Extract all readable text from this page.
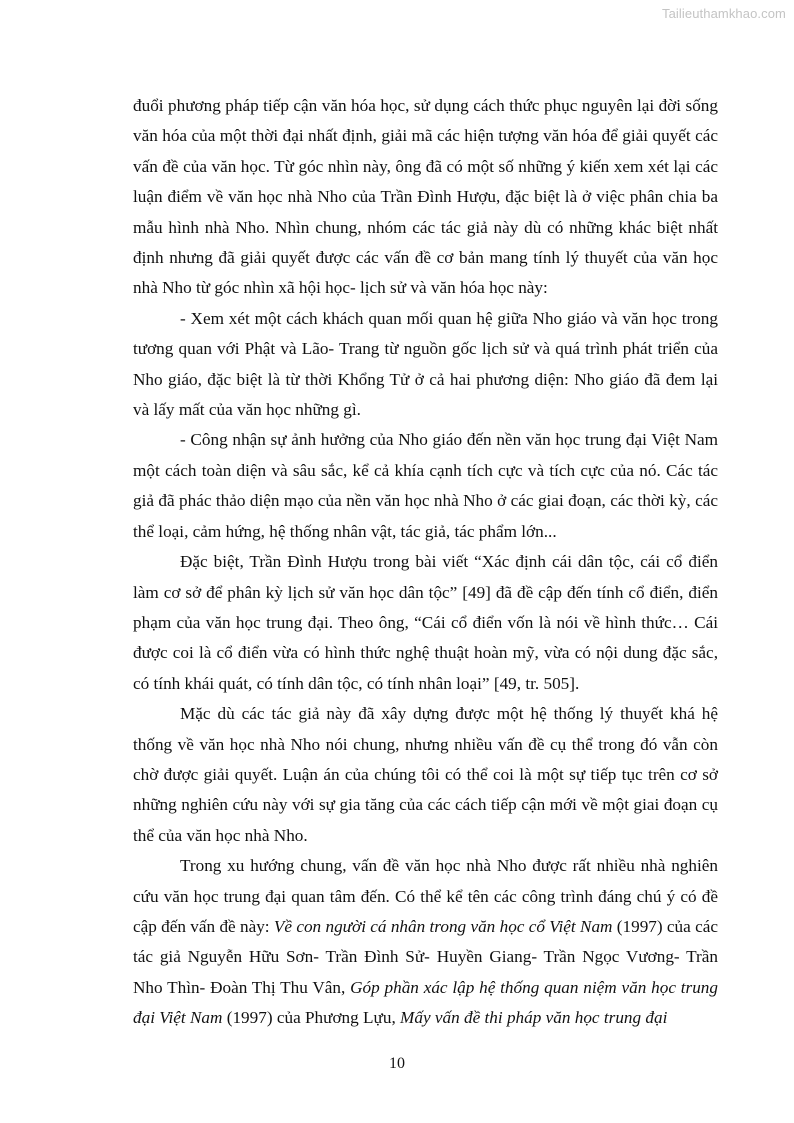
Tailieuthamkhao.com

đuổi phương pháp tiếp cận văn hóa học, sử dụng cách thức phục nguyên lại đời sống văn hóa của một thời đại nhất định, giải mã các hiện tượng văn hóa để giải quyết các vấn đề của văn học. Từ góc nhìn này, ông đã có một số những ý kiến xem xét lại các luận điểm về văn học nhà Nho của Trần Đình Hượu, đặc biệt là ở việc phân chia ba mẫu hình nhà Nho. Nhìn chung, nhóm các tác giả này dù có những khác biệt nhất định nhưng đã giải quyết được các vấn đề cơ bản mang tính lý thuyết của văn học nhà Nho từ góc nhìn xã hội học- lịch sử và văn hóa học này:

- Xem xét một cách khách quan mối quan hệ giữa Nho giáo và văn học trong tương quan với Phật và Lão- Trang từ nguồn gốc lịch sử và quá trình phát triển của Nho giáo, đặc biệt là từ thời Khổng Tử ở cả hai phương diện: Nho giáo đã đem lại và lấy mất của văn học những gì.

- Công nhận sự ảnh hưởng của Nho giáo đến nền văn học trung đại Việt Nam một cách toàn diện và sâu sắc, kể cả khía cạnh tích cực và tích cực của nó. Các tác giả đã phác thảo diện mạo của nền văn học nhà Nho ở các giai đoạn, các thời kỳ, các thể loại, cảm hứng, hệ thống nhân vật, tác giả, tác phẩm lớn...

Đặc biệt, Trần Đình Hượu trong bài viết “Xác định cái dân tộc, cái cổ điển làm cơ sở để phân kỳ lịch sử văn học dân tộc” [49] đã đề cập đến tính cổ điển, điển phạm của văn học trung đại. Theo ông, “Cái cổ điển vốn là nói về hình thức… Cái được coi là cổ điển vừa có hình thức nghệ thuật hoàn mỹ, vừa có nội dung đặc sắc, có tính khái quát, có tính dân tộc, có tính nhân loại” [49, tr. 505].

Mặc dù các tác giả này đã xây dựng được một hệ thống lý thuyết khá hệ thống về văn học nhà Nho nói chung, nhưng nhiều vấn đề cụ thể trong đó vẫn còn chờ được giải quyết. Luận án của chúng tôi có thể coi là một sự tiếp tục trên cơ sở những nghiên cứu này với sự gia tăng của các cách tiếp cận mới về một giai đoạn cụ thể của văn học nhà Nho.

Trong xu hướng chung, vấn đề văn học nhà Nho được rất nhiều nhà nghiên cứu văn học trung đại quan tâm đến. Có thể kể tên các công trình đáng chú ý có đề cập đến vấn đề này: Về con người cá nhân trong văn học cổ Việt Nam (1997) của các tác giả Nguyễn Hữu Sơn- Trần Đình Sử- Huyền Giang- Trần Ngọc Vương- Trần Nho Thìn- Đoàn Thị Thu Vân, Góp phần xác lập hệ thống quan niệm văn học trung đại Việt Nam (1997) của Phương Lựu, Mấy vấn đề thi pháp văn học trung đại

10
